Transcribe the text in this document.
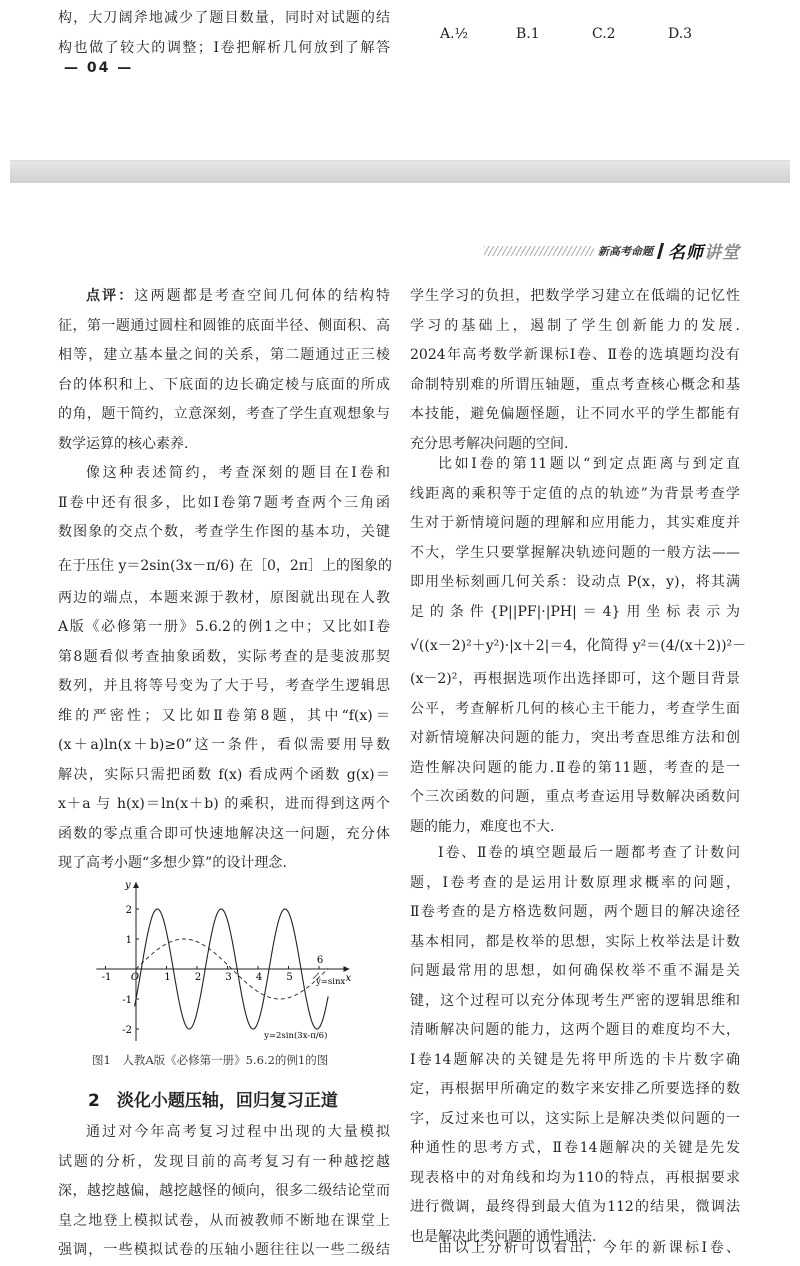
构，大刀阔斧地减少了题目数量，同时对试题的结
构也做了较大的调整；Ⅰ卷把解析几何放到了解答
— 04 —
A.½	B.1	C.2	D.3
新高考命题 名师讲堂
点评：这两题都是考查空间几何体的结构特
征，第一题通过圆柱和圆锥的底面半径、侧面积、高
相等，建立基本量之间的关系，第二题通过正三棱
台的体积和上、下底面的边长确定棱与底面的所成
的角，题干简约，立意深刻，考查了学生直观想象与
数学运算的核心素养.
像这种表述简约，考查深刻的题目在Ⅰ卷和
Ⅱ卷中还有很多，比如Ⅰ卷第7题考查两个三角函
数图象的交点个数，考查学生作图的基本功，关键
在于压住 y＝2sin(3x－π/6) 在［0，2π］上的图象的
两边的端点，本题来源于教材，原图就出现在人教
A版《必修第一册》5.6.2的例1之中；又比如Ⅰ卷
第8题看似考查抽象函数，实际考查的是斐波那契
数列，并且将等号变为了大于号，考查学生逻辑思
维的严密性；又比如Ⅱ卷第8题，其中“f(x)＝
(x＋a)ln(x＋b)≥0”这一条件，看似需要用导数
解决，实际只需把函数 f(x) 看成两个函数 g(x)＝
x＋a 与 h(x)＝ln(x＋b) 的乘积，进而得到这两个
函数的零点重合即可快速地解决这一问题，充分体
现了高考小题“多想少算”的设计理念.
x
y
-1 O	1 2 3 4 5
6
2
1
-1
-2
y=sinx
y=2sin(3x-π/6)
图1　人教A版《必修第一册》5.6.2的例1的图
2　淡化小题压轴，回归复习正道
通过对今年高考复习过程中出现的大量模拟
试题的分析，发现目前的高考复习有一种越挖越
深，越挖越偏，越挖越怪的倾向，很多二级结论堂而
皇之地登上模拟试卷，从而被教师不断地在课堂上
强调，一些模拟试卷的压轴小题往往以一些二级结
学生学习的负担，把数学学习建立在低端的记忆性
学习的基础上，遏制了学生创新能力的发展.
2024年高考数学新课标Ⅰ卷、Ⅱ卷的选填题均没有
命制特别难的所谓压轴题，重点考查核心概念和基
本技能，避免偏题怪题，让不同水平的学生都能有
充分思考解决问题的空间.
比如Ⅰ卷的第11题以“到定点距离与到定直
线距离的乘积等于定值的点的轨迹”为背景考查学
生对于新情境问题的理解和应用能力，其实难度并
不大，学生只要掌握解决轨迹问题的一般方法——
即用坐标刻画几何关系：设动点 P(x，y)，将其满
足的条件{P||PF|·|PH|＝4}用坐标表示为
√((x－2)²＋y²)·|x＋2|＝4，化简得 y²＝(4/(x＋2))²－
(x－2)²，再根据选项作出选择即可，这个题目背景
公平，考查解析几何的核心主干能力，考查学生面
对新情境解决问题的能力，突出考查思维方法和创
造性解决问题的能力.Ⅱ卷的第11题，考查的是一
个三次函数的问题，重点考查运用导数解决函数问
题的能力，难度也不大.
Ⅰ卷、Ⅱ卷的填空题最后一题都考查了计数问
题，Ⅰ卷考查的是运用计数原理求概率的问题，
Ⅱ卷考查的是方格选数问题，两个题目的解决途径
基本相同，都是枚举的思想，实际上枚举法是计数
问题最常用的思想，如何确保枚举不重不漏是关
键，这个过程可以充分体现考生严密的逻辑思维和
清晰解决问题的能力，这两个题目的难度均不大，
Ⅰ卷14题解决的关键是先将甲所选的卡片数字确
定，再根据甲所确定的数字来安排乙所要选择的数
字，反过来也可以，这实际上是解决类似问题的一
种通性的思考方式，Ⅱ卷14题解决的关键是先发
现表格中的对角线和均为110的特点，再根据要求
进行微调，最终得到最大值为112的结果，微调法
也是解决此类问题的通性通法.
由以上分析可以看出，今年的新课标Ⅰ卷、
